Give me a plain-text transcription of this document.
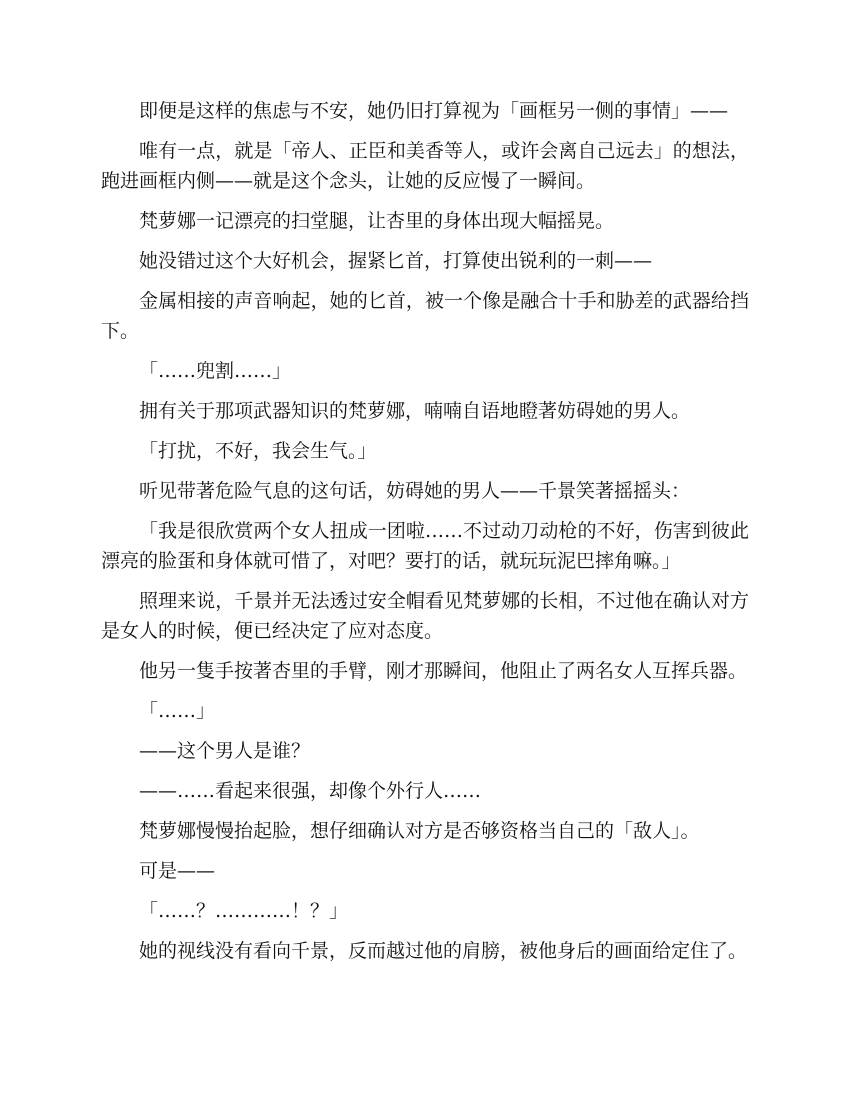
即便是这样的焦虑与不安，她仍旧打算视为「画框另一侧的事情」——

唯有一点，就是「帝人、正臣和美香等人，或许会离自己远去」的想法，跑进画框内侧——就是这个念头，让她的反应慢了一瞬间。

梵萝娜一记漂亮的扫堂腿，让杏里的身体出现大幅摇晃。

她没错过这个大好机会，握紧匕首，打算使出锐利的一刺——

金属相接的声音响起，她的匕首，被一个像是融合十手和胁差的武器给挡下。

「……兜割……」

拥有关于那项武器知识的梵萝娜，喃喃自语地瞪著妨碍她的男人。

「打扰，不好，我会生气。」

听见带著危险气息的这句话，妨碍她的男人——千景笑著摇摇头：

「我是很欣赏两个女人扭成一团啦……不过动刀动枪的不好，伤害到彼此漂亮的脸蛋和身体就可惜了，对吧？要打的话，就玩玩泥巴摔角嘛。」

照理来说，千景并无法透过安全帽看见梵萝娜的长相，不过他在确认对方是女人的时候，便已经决定了应对态度。

他另一隻手按著杏里的手臂，刚才那瞬间，他阻止了两名女人互挥兵器。

「……」

——这个男人是谁？

——……看起来很强，却像个外行人……

梵萝娜慢慢抬起脸，想仔细确认对方是否够资格当自己的「敌人」。

可是——

「……？…………！？」

她的视线没有看向千景，反而越过他的肩膀，被他身后的画面给定住了。
